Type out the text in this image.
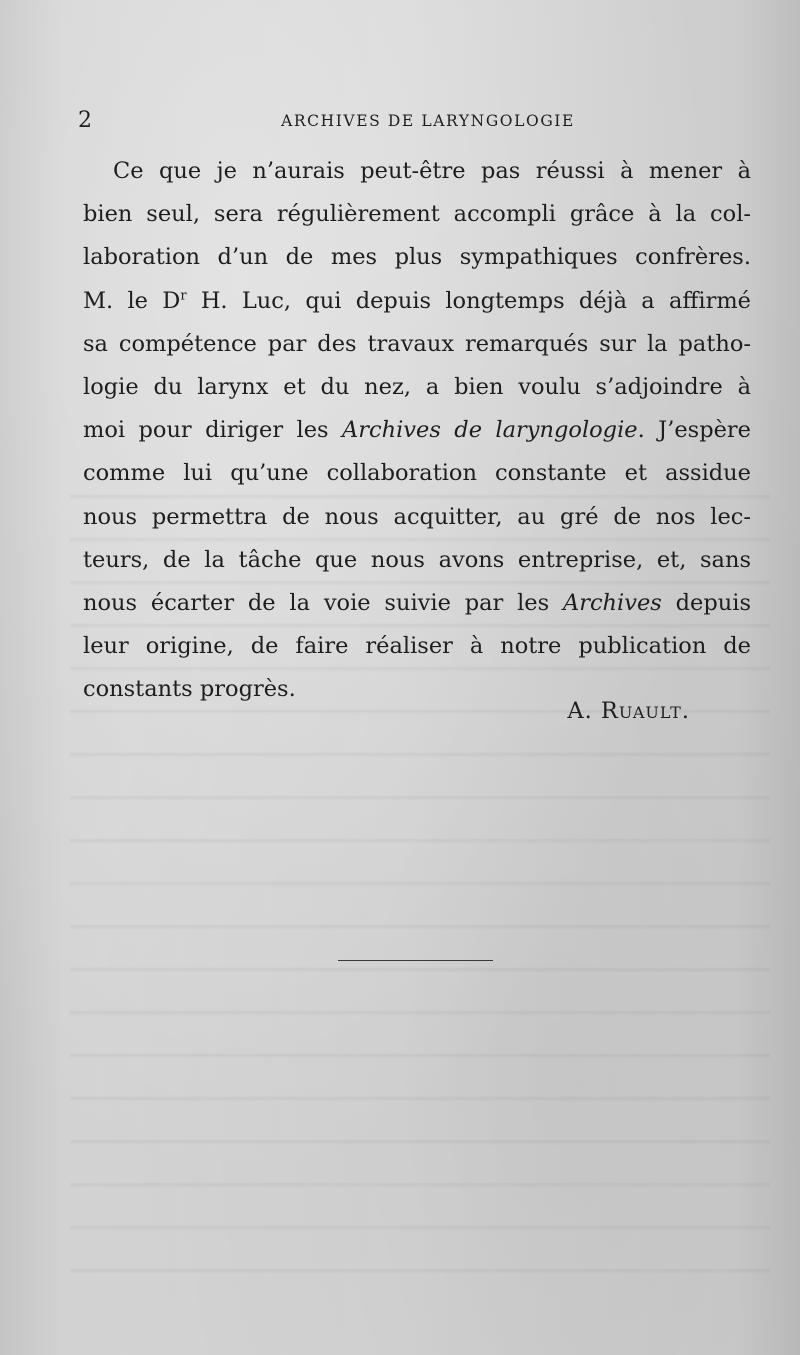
2	ARCHIVES DE LARYNGOLOGIE
Ce que je n’aurais peut-être pas réussi à mener à
bien seul, sera régulièrement accompli grâce à la col-
laboration d’un de mes plus sympathiques confrères.
M. le $D^r$ H. Luc, qui depuis longtemps déjà a affirmé
sa compétence par des travaux remarqués sur la patho-
logie du larynx et du nez, a bien voulu s’adjoindre à
moi pour diriger les Archives de laryngologie. J’espère
comme lui qu’une collaboration constante et assidue
nous permettra de nous acquitter, au gré de nos lec-
teurs, de la tâche que nous avons entreprise, et, sans
nous écarter de la voie suivie par les Archives depuis
leur origine, de faire réaliser à notre publication de
constants progrès.
A. Ruault.
